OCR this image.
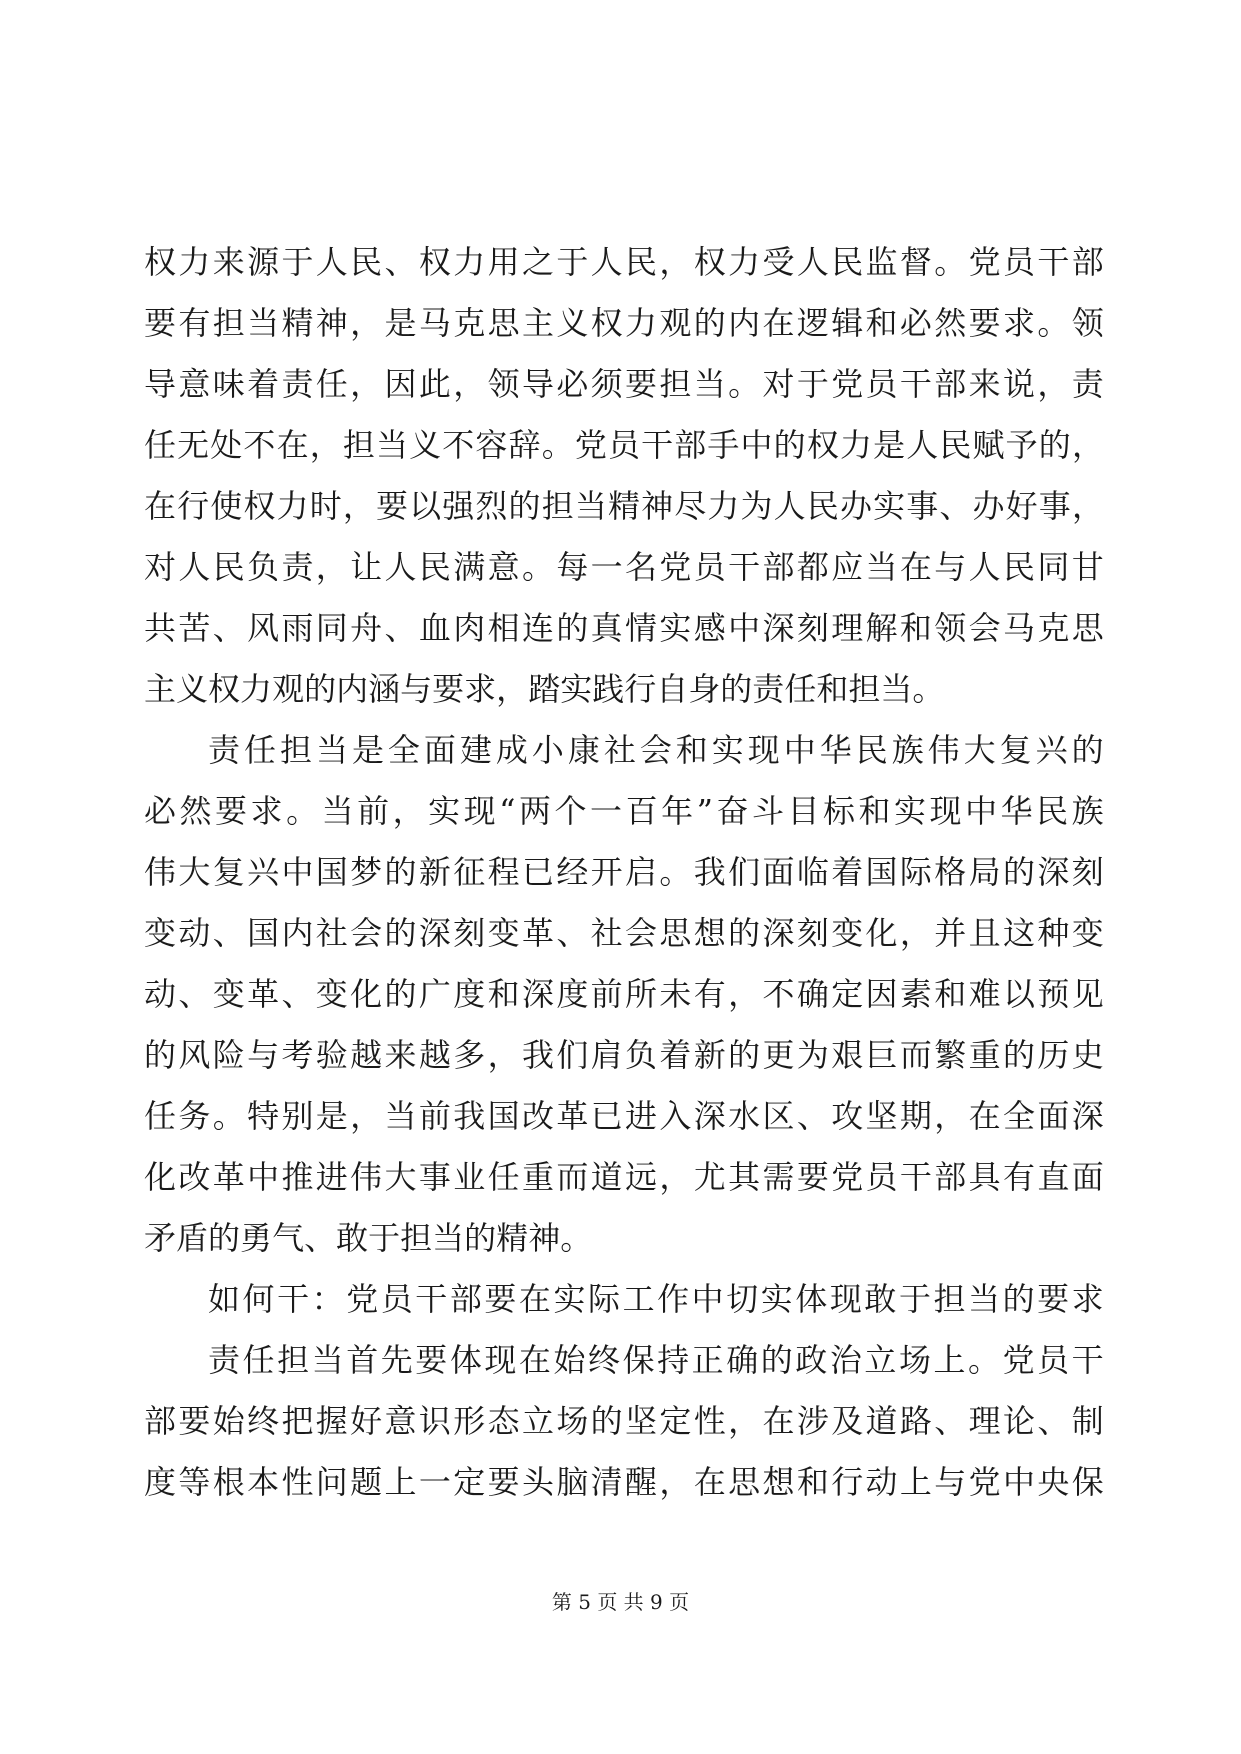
权 力 来 源 于 人 民 、 权 力 用 之 于 人 民 ， 权 力 受 人 民 监 督 。 党 员 干 部
要 有 担 当 精 神 ， 是 马 克 思 主 义 权 力 观 的 内 在 逻 辑 和 必 然 要 求 。 领
导 意 味 着 责 任 ， 因 此 ， 领 导 必 须 要 担 当 。 对 于 党 员 干 部 来 说 ， 责
任 无 处 不 在 ， 担 当 义 不 容 辞 。 党 员 干 部 手 中 的 权 力 是 人 民 赋 予 的 ，
在 行 使 权 力 时 ， 要 以 强 烈 的 担 当 精 神 尽 力 为 人 民 办 实 事 、 办 好 事 ，
对 人 民 负 责 ， 让 人 民 满 意 。 每 一 名 党 员 干 部 都 应 当 在 与 人 民 同 甘
共 苦 、 风 雨 同 舟 、 血 肉 相 连 的 真 情 实 感 中 深 刻 理 解 和 领 会 马 克 思
主 义 权 力 观 的 内 涵 与 要 求 ， 踏 实 践 行 自 身 的 责 任 和 担 当 。
责 任 担 当 是 全 面 建 成 小 康 社 会 和 实 现 中 华 民 族 伟 大 复 兴 的
必 然 要 求 。 当 前 ， 实 现 “ 两 个 一 百 年 ” 奋 斗 目 标 和 实 现 中 华 民 族
伟 大 复 兴 中 国 梦 的 新 征 程 已 经 开 启 。 我 们 面 临 着 国 际 格 局 的 深 刻
变 动 、 国 内 社 会 的 深 刻 变 革 、 社 会 思 想 的 深 刻 变 化 ， 并 且 这 种 变
动 、 变 革 、 变 化 的 广 度 和 深 度 前 所 未 有 ， 不 确 定 因 素 和 难 以 预 见
的 风 险 与 考 验 越 来 越 多 ， 我 们 肩 负 着 新 的 更 为 艰 巨 而 繁 重 的 历 史
任 务 。 特 别 是 ， 当 前 我 国 改 革 已 进 入 深 水 区 、 攻 坚 期 ， 在 全 面 深
化 改 革 中 推 进 伟 大 事 业 任 重 而 道 远 ， 尤 其 需 要 党 员 干 部 具 有 直 面
矛 盾 的 勇 气 、 敢 于 担 当 的 精 神 。
如 何 干 ： 党 员 干 部 要 在 实 际 工 作 中 切 实 体 现 敢 于 担 当 的 要 求
责 任 担 当 首 先 要 体 现 在 始 终 保 持 正 确 的 政 治 立 场 上 。 党 员 干
部 要 始 终 把 握 好 意 识 形 态 立 场 的 坚 定 性 ， 在 涉 及 道 路 、 理 论 、 制
度 等 根 本 性 问 题 上 一 定 要 头 脑 清 醒 ， 在 思 想 和 行 动 上 与 党 中 央 保
第 5 页 共 9 页
